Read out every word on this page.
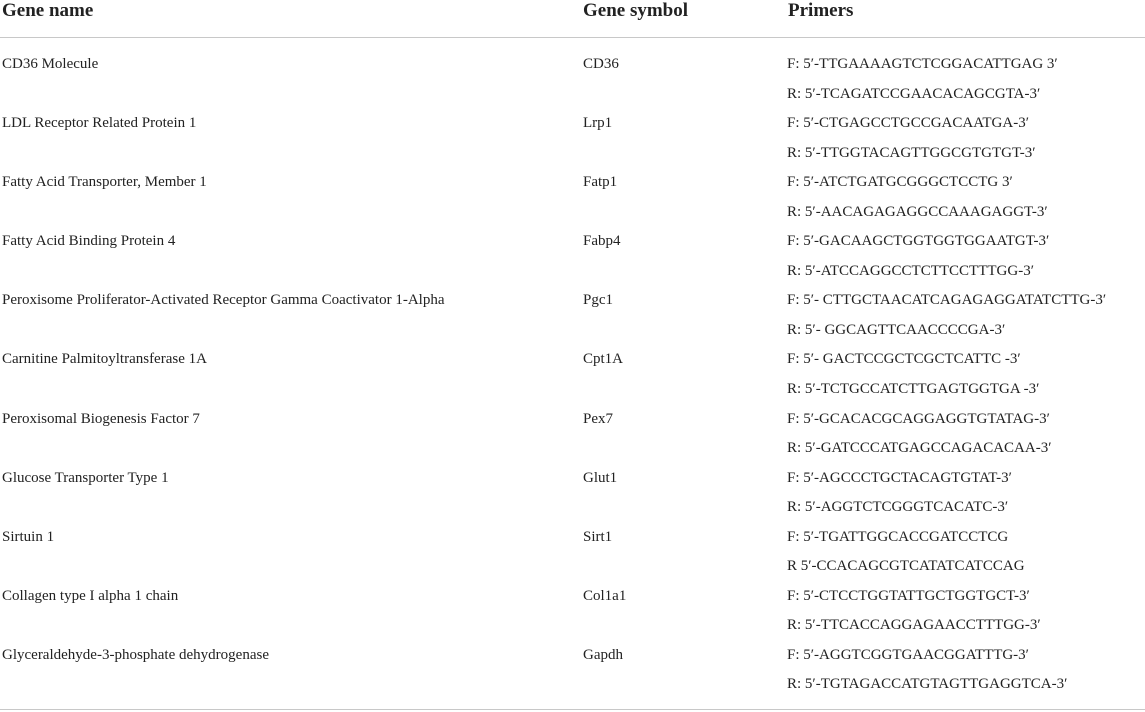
Gene name	Gene symbol	Primers
CD36 Molecule	CD36	F: 5′-TTGAAAAGTCTCGGACATTGAG 3′
R: 5′-TCAGATCCGAACACAGCGTA-3′
LDL Receptor Related Protein 1	Lrp1	F: 5′-CTGAGCCTGCCGACAATGA-3′
R: 5′-TTGGTACAGTTGGCGTGTGT-3′
Fatty Acid Transporter, Member 1	Fatp1	F: 5′-ATCTGATGCGGGCTCCTG 3′
R: 5′-AACAGAGAGGCCAAAGAGGT-3′
Fatty Acid Binding Protein 4	Fabp4	F: 5′-GACAAGCTGGTGGTGGAATGT-3′
R: 5′-ATCCAGGCCTCTTCCTTTGG-3′
Peroxisome Proliferator-Activated Receptor Gamma Coactivator 1-Alpha	Pgc1	F: 5′- CTTGCTAACATCAGAGAGGATATCTTG-3′
R: 5′- GGCAGTTCAACCCCGA-3′
Carnitine Palmitoyltransferase 1A	Cpt1A	F: 5′- GACTCCGCTCGCTCATTC -3′
R: 5′-TCTGCCATCTTGAGTGGTGA -3′
Peroxisomal Biogenesis Factor 7	Pex7	F: 5′-GCACACGCAGGAGGTGTATAG-3′
R: 5′-GATCCCATGAGCCAGACACAA-3′
Glucose Transporter Type 1	Glut1	F: 5′-AGCCCTGCTACAGTGTAT-3′
R: 5′-AGGTCTCGGGTCACATC-3′
Sirtuin 1	Sirt1	F: 5′-TGATTGGCACCGATCCTCG
R 5′-CCACAGCGTCATATCATCCAG
Collagen type I alpha 1 chain	Col1a1	F: 5′-CTCCTGGTATTGCTGGTGCT-3′
R: 5′-TTCACCAGGAGAACCTTTGG-3′
Glyceraldehyde-3-phosphate dehydrogenase	Gapdh	F: 5′-AGGTCGGTGAACGGATTTG-3′
R: 5′-TGTAGACCATGTAGTTGAGGTCA-3′
